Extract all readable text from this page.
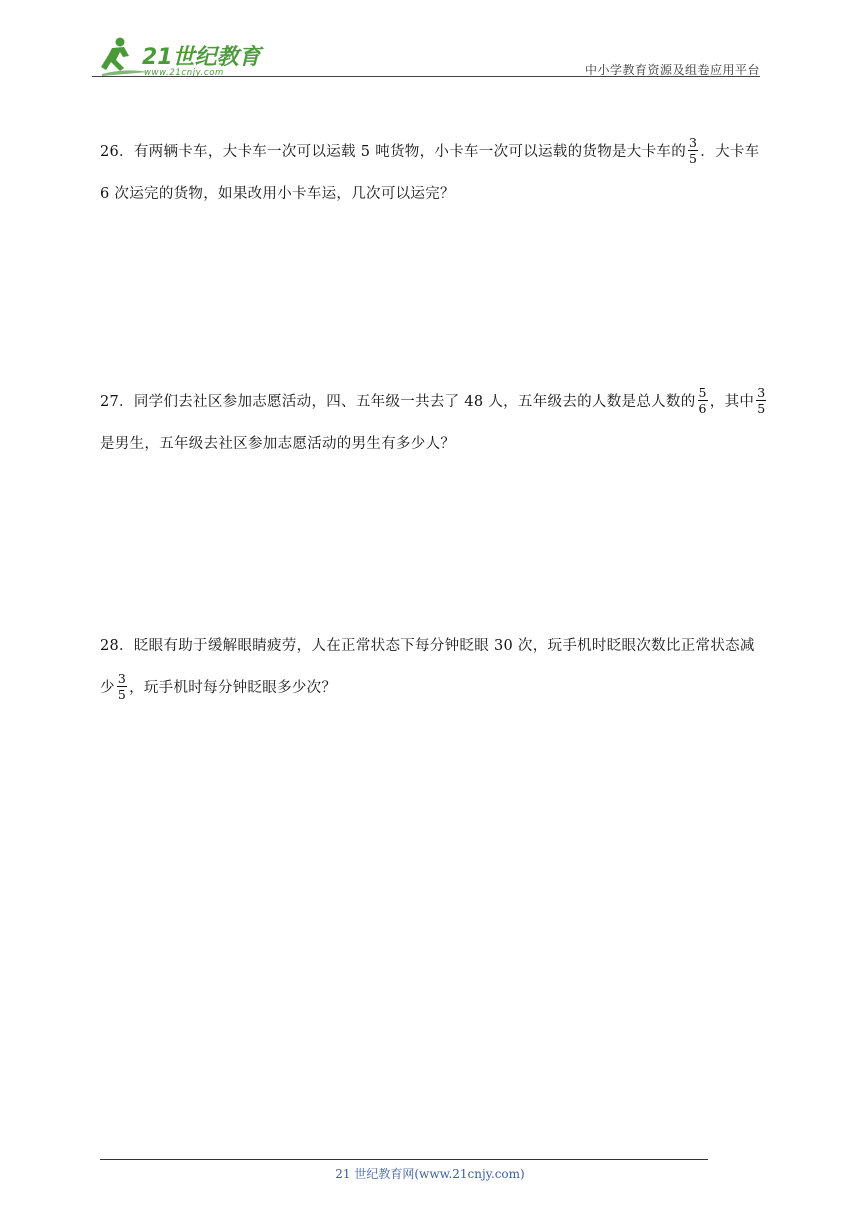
21世纪教育
www.21cnjy.com	中小学教育资源及组卷应用平台

26．有两辆卡车，大卡车一次可以运载 5 吨货物，小卡车一次可以运载的货物是大卡车的 $\frac{3}{5}$ ．大卡车

6 次运完的货物，如果改用小卡车运，几次可以运完？

27．同学们去社区参加志愿活动，四、五年级一共去了 48 人，五年级去的人数是总人数的 $\frac{5}{6}$ ，其中 $\frac{3}{5}$

是男生，五年级去社区参加志愿活动的男生有多少人？

28．眨眼有助于缓解眼睛疲劳，人在正常状态下每分钟眨眼 30 次，玩手机时眨眼次数比正常状态减

少 $\frac{3}{5}$ ，玩手机时每分钟眨眼多少次？

21 世纪教育网(www.21cnjy.com)
